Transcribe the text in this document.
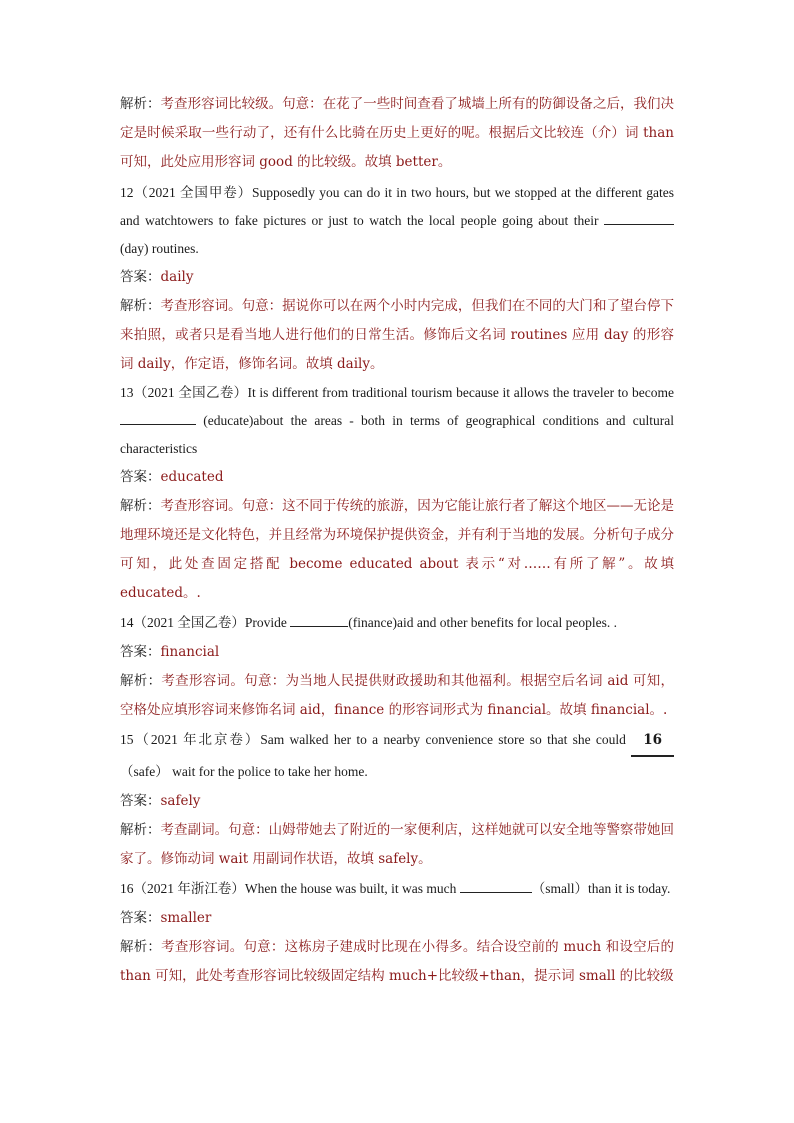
解析：考查形容词比较级。句意：在花了一些时间查看了城墙上所有的防御设备之后，我们决定是时候采取一些行动了，还有什么比骑在历史上更好的呢。根据后文比较连（介）词 than 可知，此处应用形容词 good 的比较级。故填 better。

12（2021 全国甲卷）Supposedly you can do it in two hours, but we stopped at the different gates and watchtowers to fake pictures or just to watch the local people going about their  (day) routines.

答案：daily

解析：考查形容词。句意：据说你可以在两个小时内完成，但我们在不同的大门和了望台停下来拍照，或者只是看当地人进行他们的日常生活。修饰后文名词 routines 应用 day 的形容词 daily，作定语，修饰名词。故填 daily。

13（2021 全国乙卷）It is different from traditional tourism because it allows the traveler to become  (educate)about the areas - both in terms of geographical conditions and cultural characteristics

答案：educated

解析：考查形容词。句意：这不同于传统的旅游，因为它能让旅行者了解这个地区——无论是地理环境还是文化特色，并且经常为环境保护提供资金，并有利于当地的发展。分析句子成分可知，此处查固定搭配 become educated about 表示“对……有所了解”。故填 educated。.

14（2021 全国乙卷）Provide	(finance)aid and other benefits for local peoples. .

答案：financial

解析：考查形容词。句意：为当地人民提供财政援助和其他福利。根据空后名词 aid 可知，空格处应填形容词来修饰名词 aid，finance 的形容词形式为 financial。故填 financial。.

15（2021 年北京卷）Sam walked her to a nearby convenience store so that she could 16（safe） wait for the police to take her home.

答案：safely

解析：考查副词。句意：山姆带她去了附近的一家便利店，这样她就可以安全地等警察带她回家了。修饰动词 wait 用副词作状语，故填 safely。

16（2021 年浙江卷）When the house was built, it was much	（small）than it is today.

答案：smaller

解析：考查形容词。句意：这栋房子建成时比现在小得多。结合设空前的 much 和设空后的 than 可知，此处考查形容词比较级固定结构 much+比较级+than，提示词 small 的比较级
